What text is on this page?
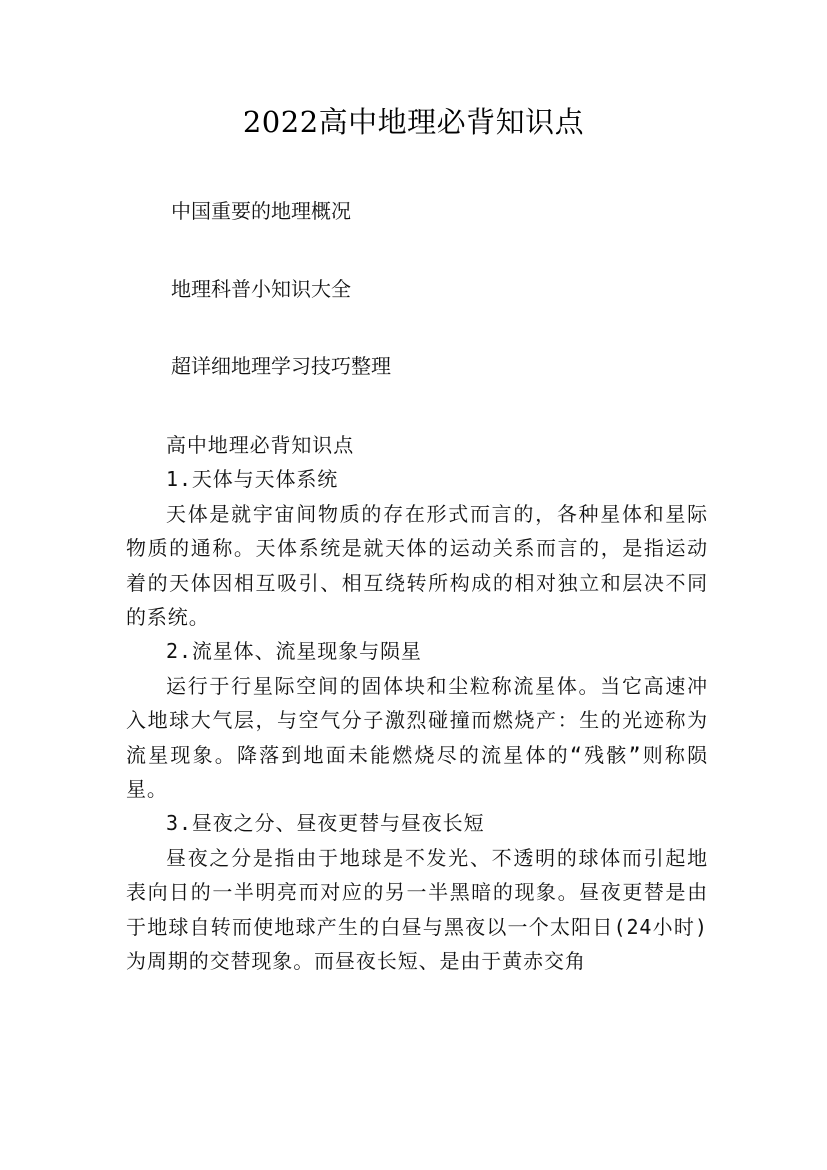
2022高中地理必背知识点

中国重要的地理概况

地理科普小知识大全

超详细地理学习技巧整理

高中地理必背知识点

1.天体与天体系统

天体是就宇宙间物质的存在形式而言的，各种星体和星际物质的通称。天体系统是就天体的运动关系而言的，是指运动着的天体因相互吸引、相互绕转所构成的相对独立和层决不同的系统。

2.流星体、流星现象与陨星

运行于行星际空间的固体块和尘粒称流星体。当它高速冲入地球大气层，与空气分子激烈碰撞而燃烧产：生的光迹称为流星现象。降落到地面未能燃烧尽的流星体的“残骸”则称陨星。

3.昼夜之分、昼夜更替与昼夜长短

昼夜之分是指由于地球是不发光、不透明的球体而引起地表向日的一半明亮而对应的另一半黑暗的现象。昼夜更替是由于地球自转而使地球产生的白昼与黑夜以一个太阳日(24小时)为周期的交替现象。而昼夜长短、是由于黄赤交角
